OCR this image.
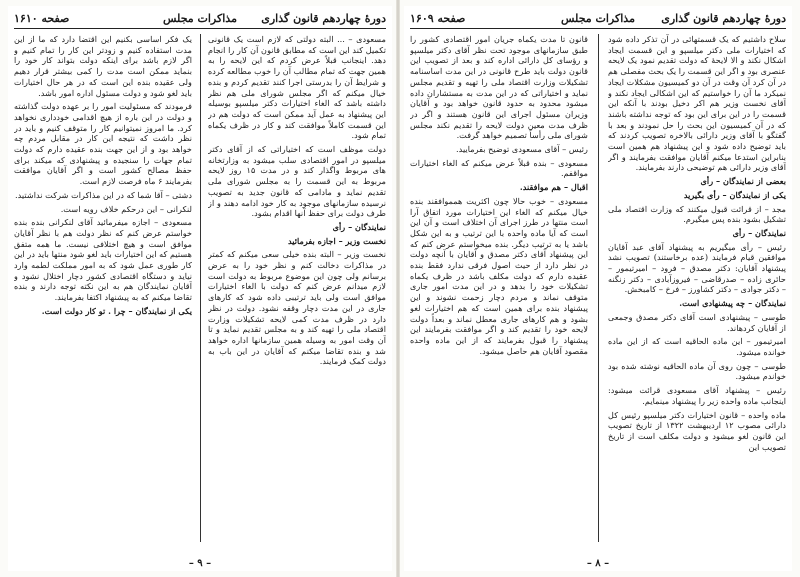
دورهٔ چهاردهم قانون گذاری
مذاکرات مجلس
صفحه ۱۶۱۰

مسعودی – ... البته دولتی که لازم است یک قانونی تکمیل کند این است که مطابق قانون آن کار را انجام دهد. اینجانب قبلاً عرض کردم که این لایحه را به همین جهت که تمام مطالب آن را خوب مطالعه کرده و شرایط آن را بدرستی اجرا کنند تقدیم کردم و بنده خیال میکنم که اگر مجلس شورای ملی هم نظر داشته باشد که الغاء اختیارات دکتر میلسپو بوسیله این پیشنهاد به عمل آید ممکن است که دولت هم در این قسمت کاملاً موافقت کند و کار در ظرف یکماه تمام شود.

دولت موظف است که اختیاراتی که از آقای دکتر میلسپو در امور اقتصادی سلب میشود به وزارتخانه های مربوط واگذار کند و در مدت ۱۵ روز لایحه مربوط به این قسمت را به مجلس شورای ملی تقدیم نماید و مادامی که قانون جدید به تصویب نرسیده سازمانهای موجود به کار خود ادامه دهند و از طرف دولت برای حفظ آنها اقدام بشود.

نمایندگان – رأی

نخست وزیر – اجازه بفرمائید

نخست وزیر – البته بنده خیلی سعی میکنم که کمتر در مذاکرات دخالت کنم و نظر خود را به عرض برسانم ولی چون این موضوع مربوط به دولت است لازم میدانم عرض کنم که دولت با الغاء اختیارات موافق است ولی باید ترتیبی داده شود که کارهای جاری در این مدت دچار وقفه نشود. دولت در نظر دارد در ظرف مدت کمی لایحه تشکیلات وزارت اقتصاد ملی را تهیه کند و به مجلس تقدیم نماید و تا آن وقت امور به وسیله همین سازمانها اداره خواهد شد و بنده تقاضا میکنم که آقایان در این باب به دولت کمک فرمایند.

یک فکر اساسی بکنیم این اقتضا دارد که ما از این مدت استفاده کنیم و زودتر این کار را تمام کنیم و اگر لازم باشد برای اینکه دولت بتواند کار خود را بنماید ممکن است مدت را کمی بیشتر قرار دهیم ولی عقیده بنده این است که در هر حال اختیارات باید لغو شود و دولت مسئول اداره امور باشد.

فرمودند که مسئولیت امور را بر عهده دولت گذاشته و دولت در این باره از هیچ اقدامی خودداری نخواهد کرد. ما امروز نمیتوانیم کار را متوقف کنیم و باید در نظر داشت که نتیجه این کار در مقابل مردم چه خواهد بود و از این جهت بنده عقیده دارم که دولت تمام جهات را سنجیده و پیشنهادی که میکند برای حفظ مصالح کشور است و اگر آقایان موافقت بفرمایند ۶ ماه فرصت لازم است.

دشتی – آقا شما که در این مذاکرات شرکت نداشتید.

لنکرانی – این درحکم خلاف رویه است.

مسعودی – اجازه میفرمائید آقای لنکرانی بنده بنده خواستم عرض کنم که نظر دولت هم با نظر آقایان موافق است و هیچ اختلافی نیست. ما همه متفق هستیم که این اختیارات باید لغو شود منتها باید در این کار طوری عمل شود که به امور مملکت لطمه وارد نیاید و دستگاه اقتصادی کشور دچار اختلال نشود و آقایان نمایندگان هم به این نکته توجه دارند و بنده تقاضا میکنم که به پیشنهاد اکتفا بفرمایند.

یکی از نمایندگان – چرا . تو کار دولت است.

– ۹ –
دورهٔ چهاردهم قانون گذاری
مذاکرات مجلس
صفحه ۱۶۰۹

سلاح داشتیم که یک قسمتهائی در آن تذکر داده شود که اختیارات ملی دکتر میلسپو و این قسمت ایجاد اشکال نکند و الا لایحهٔ که دولت تقدیم نمود یک لایحه عنصری بود و اگر این قسمت را یک بحث مفصلی هم در آن کرد آن وقت در آن دو کمیسیون مشکلات ایجاد نمیکرد ما آن را خواستیم که این اشکالی ایجاد نکند و آقای نخست وزیر هم اکر دخیل بودند با آنکه این قسمت را در این برای این بود که توجه نداشته باشند که در آن کمیسیون این بحث را حل نمودند و بعد با گفتگو با آقای وزیر دارائی بالاخره تصویب کردند که باید توضیح داده شود و این پیشنهاد هم همین است بنابراین استدعا میکنم آقایان موافقت بفرمایند و اگر آقای وزیر دارائی هم توضیحی دارند بفرمایند.

بعضی از نمایندگان – رأی

یکی از نمایندگان – رأی بگیرید

مجد – از قرائت قبول میکنند که وزارت اقتصاد ملی تشکیل بشود بنده پس میگیرم.

نمایندگان – رأی

رئیس – رأی میگیریم به پیشنهاد آقای عبد آقایان موافقین قیام فرمایند (عده برخاستند) تصویب نشد پیشنهاد آقایان: دکتر مصدق – فرود – امیرتیمور – حائری زاده – صدرقاضی – فیروزآبادی – دکتر زنگنه – دکتر جوادی – دکتر کشاورز – فرخ – کامبخش.

نمایندگان – چه پیشنهادی است.

طوسی – پیشنهادی است آقای دکتر مصدق وجمعی از آقایان کردهاند.

امیرتیمور – این ماده الحاقیه است که از این ماده خوانده میشود.

طوسی – چون روی آن ماده الحاقیه نوشته شده بود خواندم میشود.

رئیس – پیشنهاد آقای مسعودی قرائت میشود: اینجانب ماده واحده زیر را پیشنهاد مینمایم.

ماده واحده – قانون اختیارات دکتر میلسپو رئیس کل دارائی مصوب ۱۲ اردیبهشت ۱۳۲۲ از تاریخ تصویب این قانون لغو میشود و دولت مکلف است از تاریخ تصویب این

قانون تا مدت یکماه جریان امور اقتصادی کشور را طبق سازمانهای موجود تحت نظر آقای دکتر میلسپو و رؤسای کل دارائی اداره کند و بعد از تصویب این قانون دولت باید طرح قانونی در این مدت اساسنامه تشکیلات وزارت اقتصاد ملی را تهیه و تقدیم مجلس نماید و اختیاراتی که در این مدت به مستشاران داده میشود محدود به حدود قانون خواهد بود و آقایان وزیران مسئول اجرای این قانون هستند و اگر در ظرف مدت معین دولت لایحه را تقدیم نکند مجلس شورای ملی رأساً تصمیم خواهد گرفت.

رئیس – آقای مسعودی توضیح بفرمایید.

مسعودی – بنده قبلاً عرض میکنم که الغاء اختیارات مواقفم.

اقبال – هم موافقند.

مسعودی – خوب حالا چون اکثریت همموافقند بنده خیال میکنم که الغاء این اختیارات مورد اتفاق آرا است منتها در طرز اجرای آن اختلاف است و آن این است که آیا ماده واحده با این ترتیب و به این شکل باشد یا به ترتیب دیگر. بنده میخواستم عرض کنم که این پیشنهاد آقای دکتر مصدق و آقایان با آنچه دولت در نظر دارد از حیث اصول فرقی ندارد فقط بنده عقیده دارم که دولت مکلف باشد در ظرف یکماه تشکیلات خود را بدهد و در این مدت امور جاری متوقف نماند و مردم دچار زحمت نشوند و این پیشنهاد بنده برای همین است که هم اختیارات لغو بشود و هم کارهای جاری معطل نماند و بعداً دولت لایحه خود را تقدیم کند و اگر موافقت بفرمایند این پیشنهاد را قبول بفرمایند که از این ماده واحده مقصود آقایان هم حاصل میشود.

– ۸ –
